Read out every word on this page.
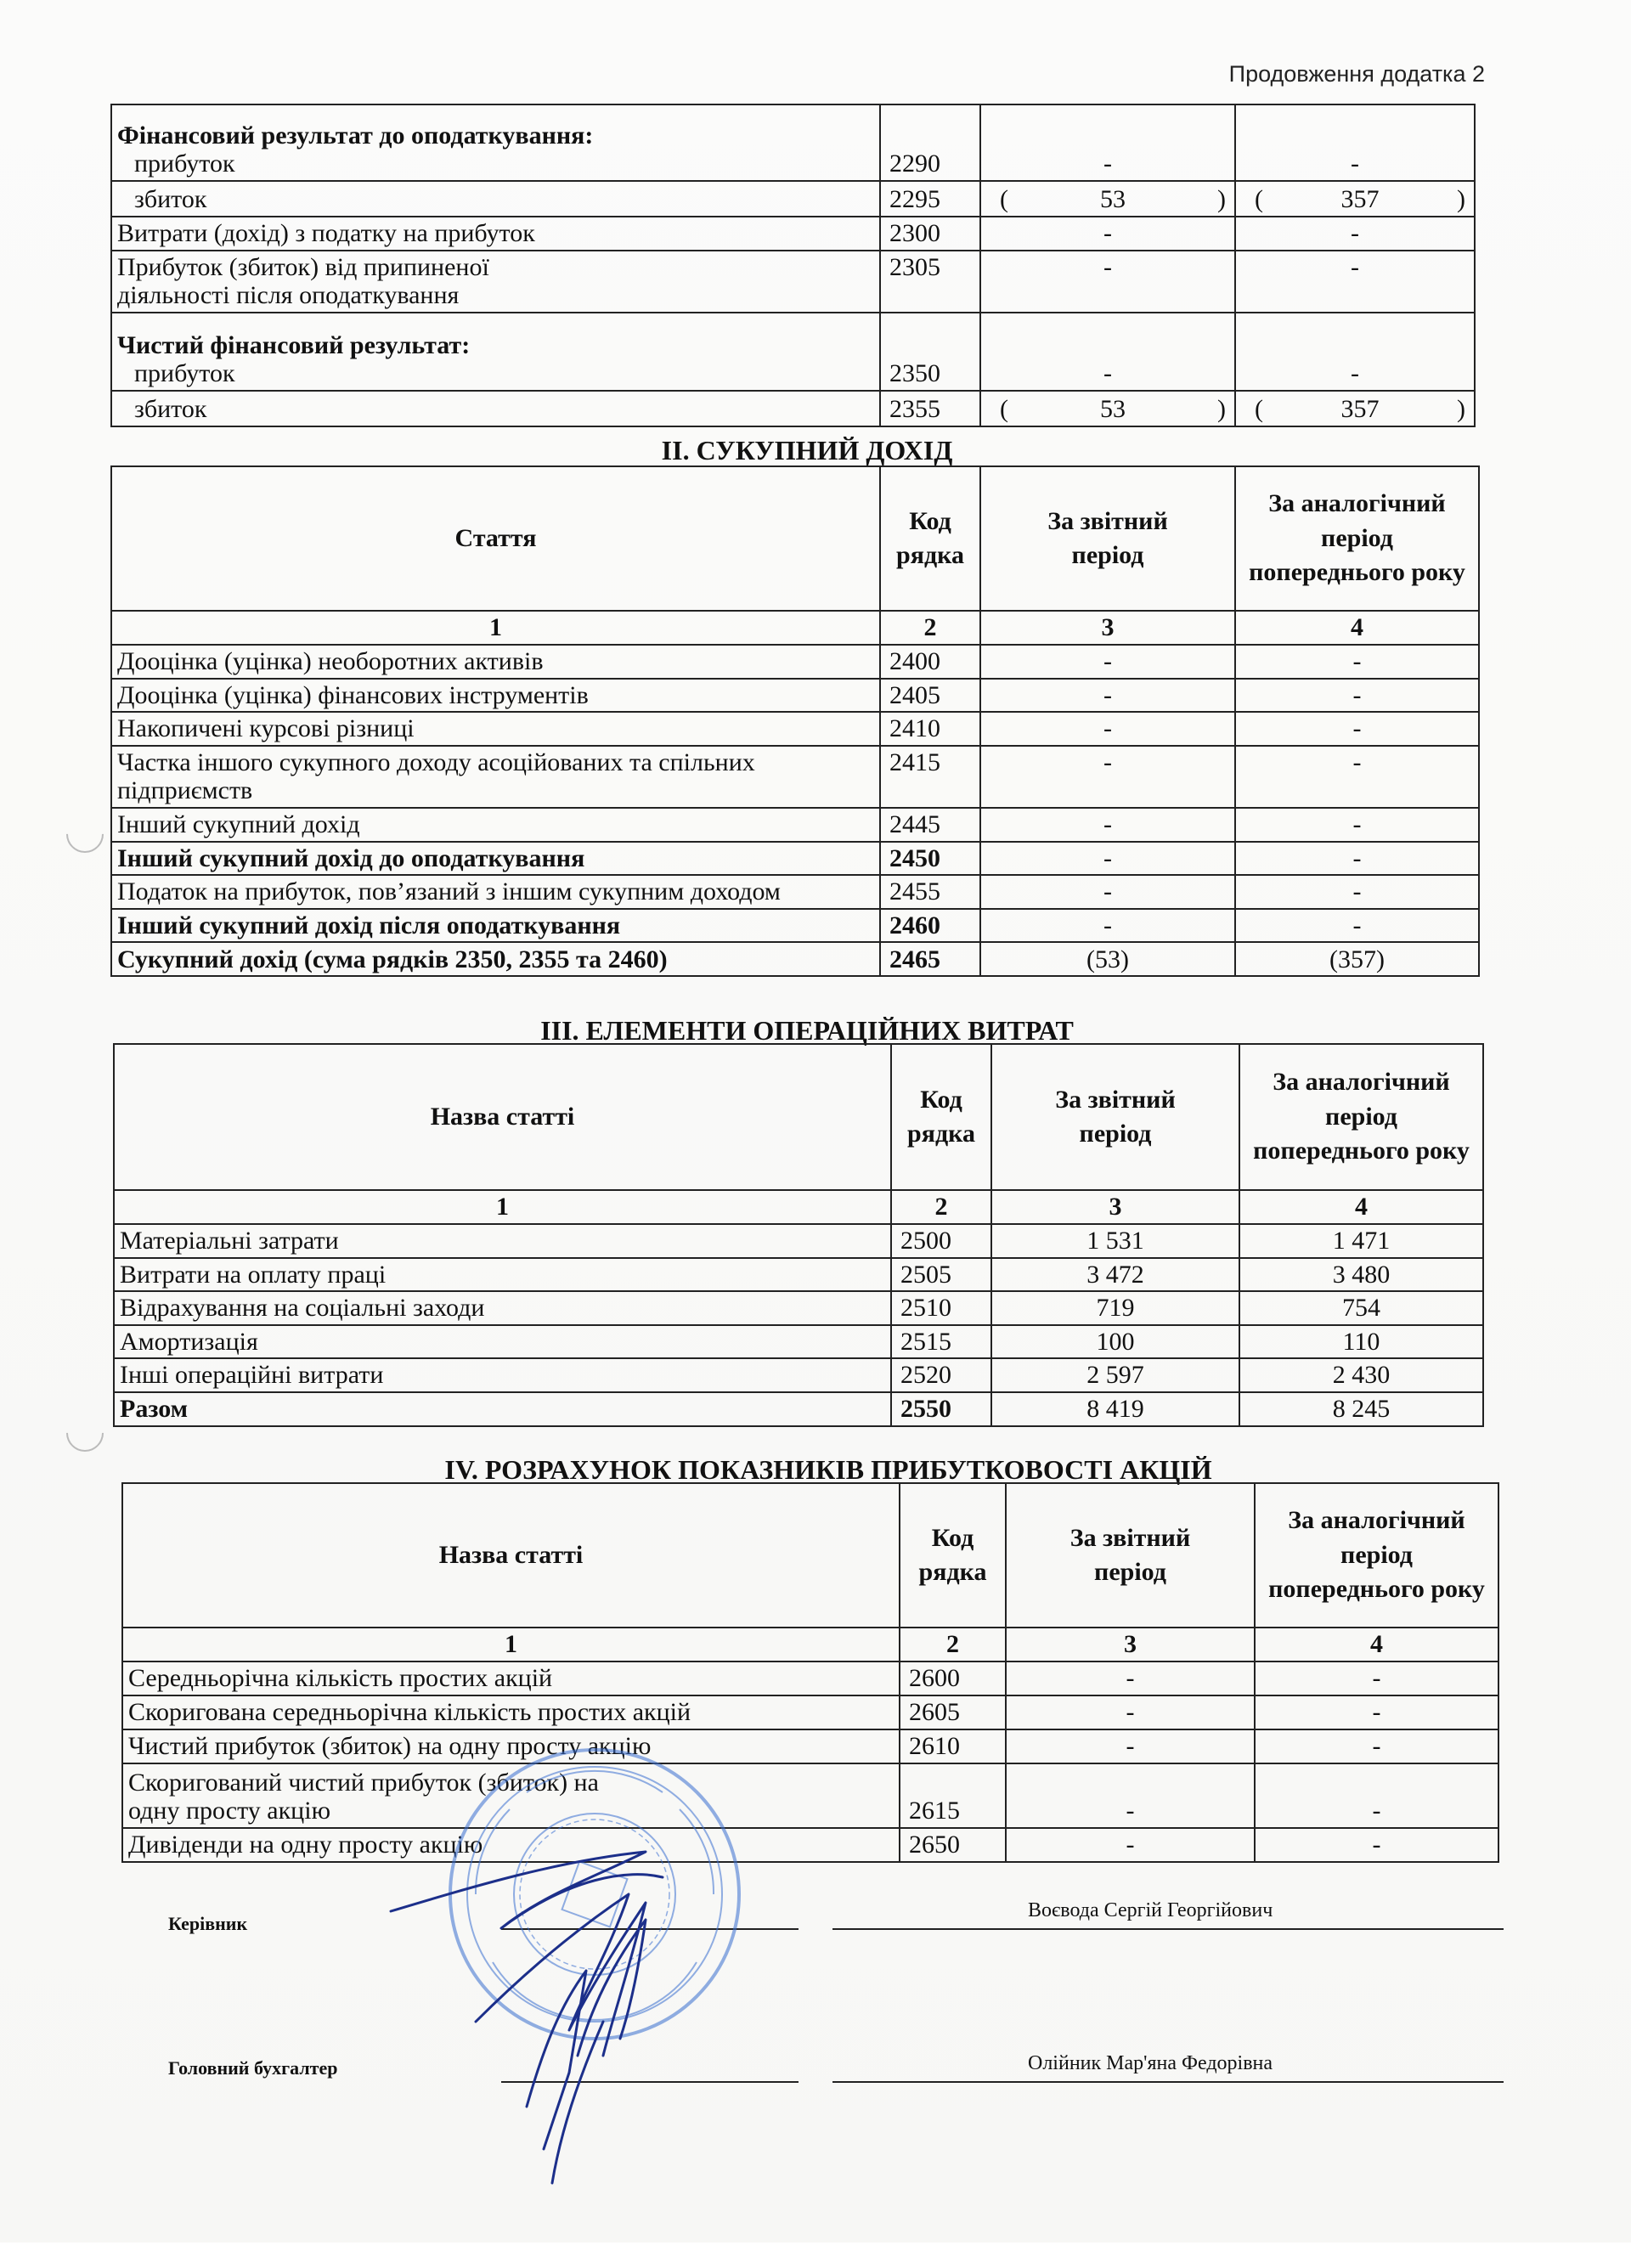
Продовження додатка 2
Фінансовий результат до оподаткування:
прибуток	2290	-	-
збиток	2295	( 53 )	( 357 )

Витрати (дохід) з податку на прибуток	2300	-	-
Прибуток (збиток) від припиненої діяльності після оподаткування	2305	-	-

Чистий фінансовий результат:
прибуток	2350	-	-
збиток	2355	( 53 )	( 357 )
ІІ. СУКУПНИЙ ДОХІД
Стаття	Код рядка	За звітний період	За аналогічний період попереднього року
1	2	3	4
Дооцінка (уцінка) необоротних активів	2400	-	-
Дооцінка (уцінка) фінансових інструментів	2405	-	-
Накопичені курсові різниці	2410	-	-
Частка іншого сукупного доходу асоційованих та спільних підприємств	2415	-	-
Інший сукупний дохід	2445	-	-
Інший сукупний дохід до оподаткування	2450	-	-
Податок на прибуток, пов’язаний з іншим сукупним доходом	2455	-	-
Інший сукупний дохід після оподаткування	2460	-	-
Сукупний дохід (сума рядків 2350, 2355 та 2460)	2465	(53)	(357)
ІІІ. ЕЛЕМЕНТИ ОПЕРАЦІЙНИХ ВИТРАТ
Назва статті	Код рядка	За звітний період	За аналогічний період попереднього року
1	2	3	4
Матеріальні затрати	2500	1 531	1 471
Витрати на оплату праці	2505	3 472	3 480
Відрахування на соціальні заходи	2510	719	754
Амортизація	2515	100	110
Інші операційні витрати	2520	2 597	2 430
Разом	2550	8 419	8 245
IV. РОЗРАХУНОК ПОКАЗНИКІВ ПРИБУТКОВОСТІ АКЦІЙ
Назва статті	Код рядка	За звітний період	За аналогічний період попереднього року
1	2	3	4
Середньорічна кількість простих акцій	2600	-	-
Скоригована середньорічна кількість простих акцій	2605	-	-
Чистий прибуток (збиток) на одну просту акцію	2610	-	-
Скоригований чистий прибуток (збиток) на одну просту акцію	2615	-	-
Дивіденди на одну просту акцію	2650	-	-
Керівник
Воєвода Сергій Георгійович
Головний бухгалтер	Олійник Мар'яна Федорівна
